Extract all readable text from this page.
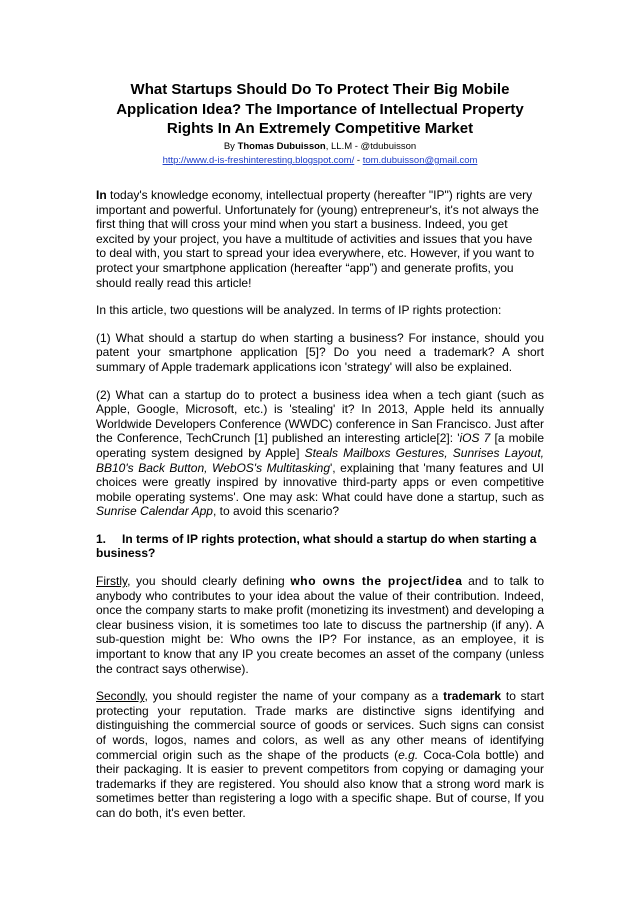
What Startups Should Do To Protect Their Big Mobile Application Idea? The Importance of Intellectual Property Rights In An Extremely Competitive Market
By Thomas Dubuisson, LL.M - @tdubuisson
http://www.d-is-freshinteresting.blogspot.com/ - tom.dubuisson@gmail.com

In today's knowledge economy, intellectual property (hereafter "IP") rights are very important and powerful. Unfortunately for (young) entrepreneur's, it's not always the first thing that will cross your mind when you start a business. Indeed, you get excited by your project, you have a multitude of activities and issues that you have to deal with, you start to spread your idea everywhere, etc. However, if you want to protect your smartphone application (hereafter “app”) and generate profits, you should really read this article!

In this article, two questions will be analyzed. In terms of IP rights protection:

(1) What should a startup do when starting a business? For instance, should you patent your smartphone application [5]? Do you need a trademark? A short summary of Apple trademark applications icon 'strategy' will also be explained.

(2) What can a startup do to protect a business idea when a tech giant (such as Apple, Google, Microsoft, etc.) is 'stealing' it? In 2013, Apple held its annually Worldwide Developers Conference (WWDC) conference in San Francisco. Just after the Conference, TechCrunch [1] published an interesting article[2]: 'iOS 7 [a mobile operating system designed by Apple] Steals Mailboxs Gestures, Sunrises Layout, BB10's Back Button, WebOS's Multitasking', explaining that 'many features and UI choices were greatly inspired by innovative third-party apps or even competitive mobile operating systems'. One may ask: What could have done a startup, such as Sunrise Calendar App, to avoid this scenario?

1. In terms of IP rights protection, what should a startup do when starting a business?

Firstly, you should clearly defining who owns the project/idea and to talk to anybody who contributes to your idea about the value of their contribution. Indeed, once the company starts to make profit (monetizing its investment) and developing a clear business vision, it is sometimes too late to discuss the partnership (if any). A sub-question might be: Who owns the IP? For instance, as an employee, it is important to know that any IP you create becomes an asset of the company (unless the contract says otherwise).

Secondly, you should register the name of your company as a trademark to start protecting your reputation. Trade marks are distinctive signs identifying and distinguishing the commercial source of goods or services. Such signs can consist of words, logos, names and colors, as well as any other means of identifying commercial origin such as the shape of the products (e.g. Coca-Cola bottle) and their packaging. It is easier to prevent competitors from copying or damaging your trademarks if they are registered. You should also know that a strong word mark is sometimes better than registering a logo with a specific shape. But of course, If you can do both, it's even better.
